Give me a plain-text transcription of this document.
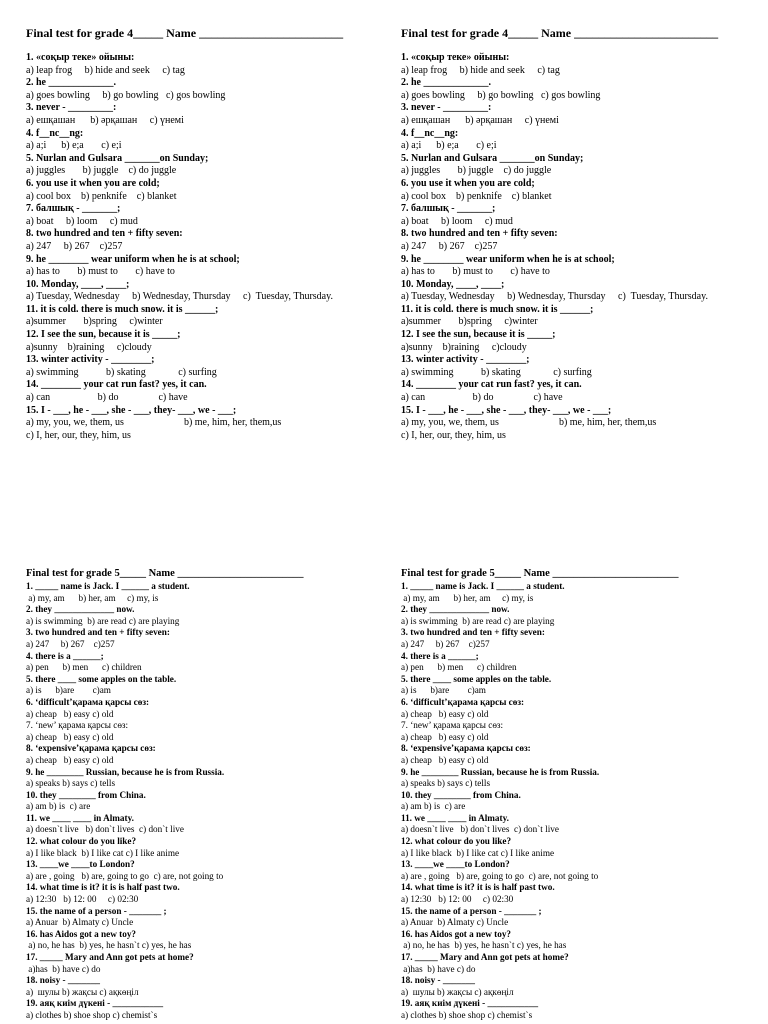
Final test for grade 4_____ Name ________________________
1. «соқыр теке» ойыны:
a) leap frog     b) hide and seek     c) tag
2. he _____________.
a) goes bowling     b) go bowling   c) gos bowling
3. never - _________:
a) ешқашан      b) әрқашан     c) үнемі
4. f__nc__ng:
a) a;i      b) e;a       c) e;i
5. Nurlan and Gulsara _______on Sunday;
a) juggles       b) juggle    c) do juggle
6. you use it when you are cold;
a) cool box    b) penknife    c) blanket
7. балшық - _______;
a) boat     b) loom     c) mud
8. two hundred and ten + fifty seven:
a) 247     b) 267    c)257
9. he ________ wear uniform when he is at school;
a) has to       b) must to       c) have to
10. Monday, ____, ____;
a) Tuesday, Wednesday     b) Wednesday, Thursday     c)  Tuesday, Thursday.
11. it is cold. there is much snow. it is ______;
a)summer       b)spring     c)winter
12. I see the sun, because it is _____;
a)sunny    b)raining     c)cloudy
13. winter activity - ________;
a) swimming           b) skating             c) surfing
14. ________ your cat run fast? yes, it can.
a) can                   b) do                c) have
15. I - ___, he - ___, she - ___, they- ___, we - ___;
a) my, you, we, them, us                        b) me, him, her, them,us
c) I, her, our, they, him, us
Final test for grade 4_____ Name ________________________
1. «соқыр теке» ойыны:
a) leap frog     b) hide and seek     c) tag
2. he _____________.
a) goes bowling     b) go bowling   c) gos bowling
3. never - _________:
a) ешқашан      b) әрқашан     c) үнемі
4. f__nc__ng:
a) a;i      b) e;a       c) e;i
5. Nurlan and Gulsara _______on Sunday;
a) juggles       b) juggle    c) do juggle
6. you use it when you are cold;
a) cool box    b) penknife    c) blanket
7. балшық - _______;
a) boat     b) loom     c) mud
8. two hundred and ten + fifty seven:
a) 247     b) 267    c)257
9. he ________ wear uniform when he is at school;
a) has to       b) must to       c) have to
10. Monday, ____, ____;
a) Tuesday, Wednesday     b) Wednesday, Thursday     c)  Tuesday, Thursday.
11. it is cold. there is much snow. it is ______;
a)summer       b)spring     c)winter
12. I see the sun, because it is _____;
a)sunny    b)raining     c)cloudy
13. winter activity - ________;
a) swimming           b) skating             c) surfing
14. ________ your cat run fast? yes, it can.
a) can                   b) do                c) have
15. I - ___, he - ___, she - ___, they- ___, we - ___;
a) my, you, we, them, us                        b) me, him, her, them,us
c) I, her, our, they, him, us
Final test for grade 5_____ Name ________________________
1. _____ name is Jack. I ______ a student.
a) my, am      b) her, am     c) my, is
2. they _____________ now.
a) is swimming  b) are read c) are playing
3. two hundred and ten + fifty seven:
a) 247     b) 267    c)257
4. there is a ______;
a) pen      b) men      c) children
5. there ____ some apples on the table.
a) is      b)are        c)am
6. ‘difficult’қарама қарсы сөз:
a) cheap   b) easy c) old
7. ‘new’ қарама қарсы сөз:
a) cheap   b) easy c) old
8. ‘expensive’қарама қарсы сөз:
a) cheap   b) easy c) old
9. he ________ Russian, because he is from Russia.
a) speaks b) says c) tells
10. they ________ from China.
a) am b) is  c) are
11. we ____ ____ in Almaty.
a) doesn`t live   b) don`t lives  c) don`t live
12. what colour do you like?
a) I like black  b) I like cat c) I like anime
13. ____we ____to London?
a) are , going   b) are, going to go  c) are, not going to
14. what time is it? it is is half past two.
a) 12:30   b) 12: 00     c) 02:30
15. the name of a person - _______ ;
a) Anuar  b) Almaty c) Uncle
16. has Aidos got a new toy?
a) no, he has  b) yes, he hasn`t c) yes, he has
17. _____ Mary and Ann got pets at home?
a)has  b) have c) do
18. noisy - _______
a)  шулы b) жақсы c) ақкөңіл
19. аяқ киім дүкені - ___________
a) clothes b) shoe shop c) chemist`s
Final test for grade 5_____ Name ________________________
1. _____ name is Jack. I ______ a student.
a) my, am      b) her, am     c) my, is
2. they _____________ now.
a) is swimming  b) are read c) are playing
3. two hundred and ten + fifty seven:
a) 247     b) 267    c)257
4. there is a ______;
a) pen      b) men      c) children
5. there ____ some apples on the table.
a) is      b)are        c)am
6. ‘difficult’қарама қарсы сөз:
a) cheap   b) easy c) old
7. ‘new’ қарама қарсы сөз:
a) cheap   b) easy c) old
8. ‘expensive’қарама қарсы сөз:
a) cheap   b) easy c) old
9. he ________ Russian, because he is from Russia.
a) speaks b) says c) tells
10. they ________ from China.
a) am b) is  c) are
11. we ____ ____ in Almaty.
a) doesn`t live   b) don`t lives  c) don`t live
12. what colour do you like?
a) I like black  b) I like cat c) I like anime
13. ____we ____to London?
a) are , going   b) are, going to go  c) are, not going to
14. what time is it? it is is half past two.
a) 12:30   b) 12: 00     c) 02:30
15. the name of a person - _______ ;
a) Anuar  b) Almaty c) Uncle
16. has Aidos got a new toy?
a) no, he has  b) yes, he hasn`t c) yes, he has
17. _____ Mary and Ann got pets at home?
a)has  b) have c) do
18. noisy - _______
a)  шулы b) жақсы c) ақкөңіл
19. аяқ киім дүкені - ___________
a) clothes b) shoe shop c) chemist`s
